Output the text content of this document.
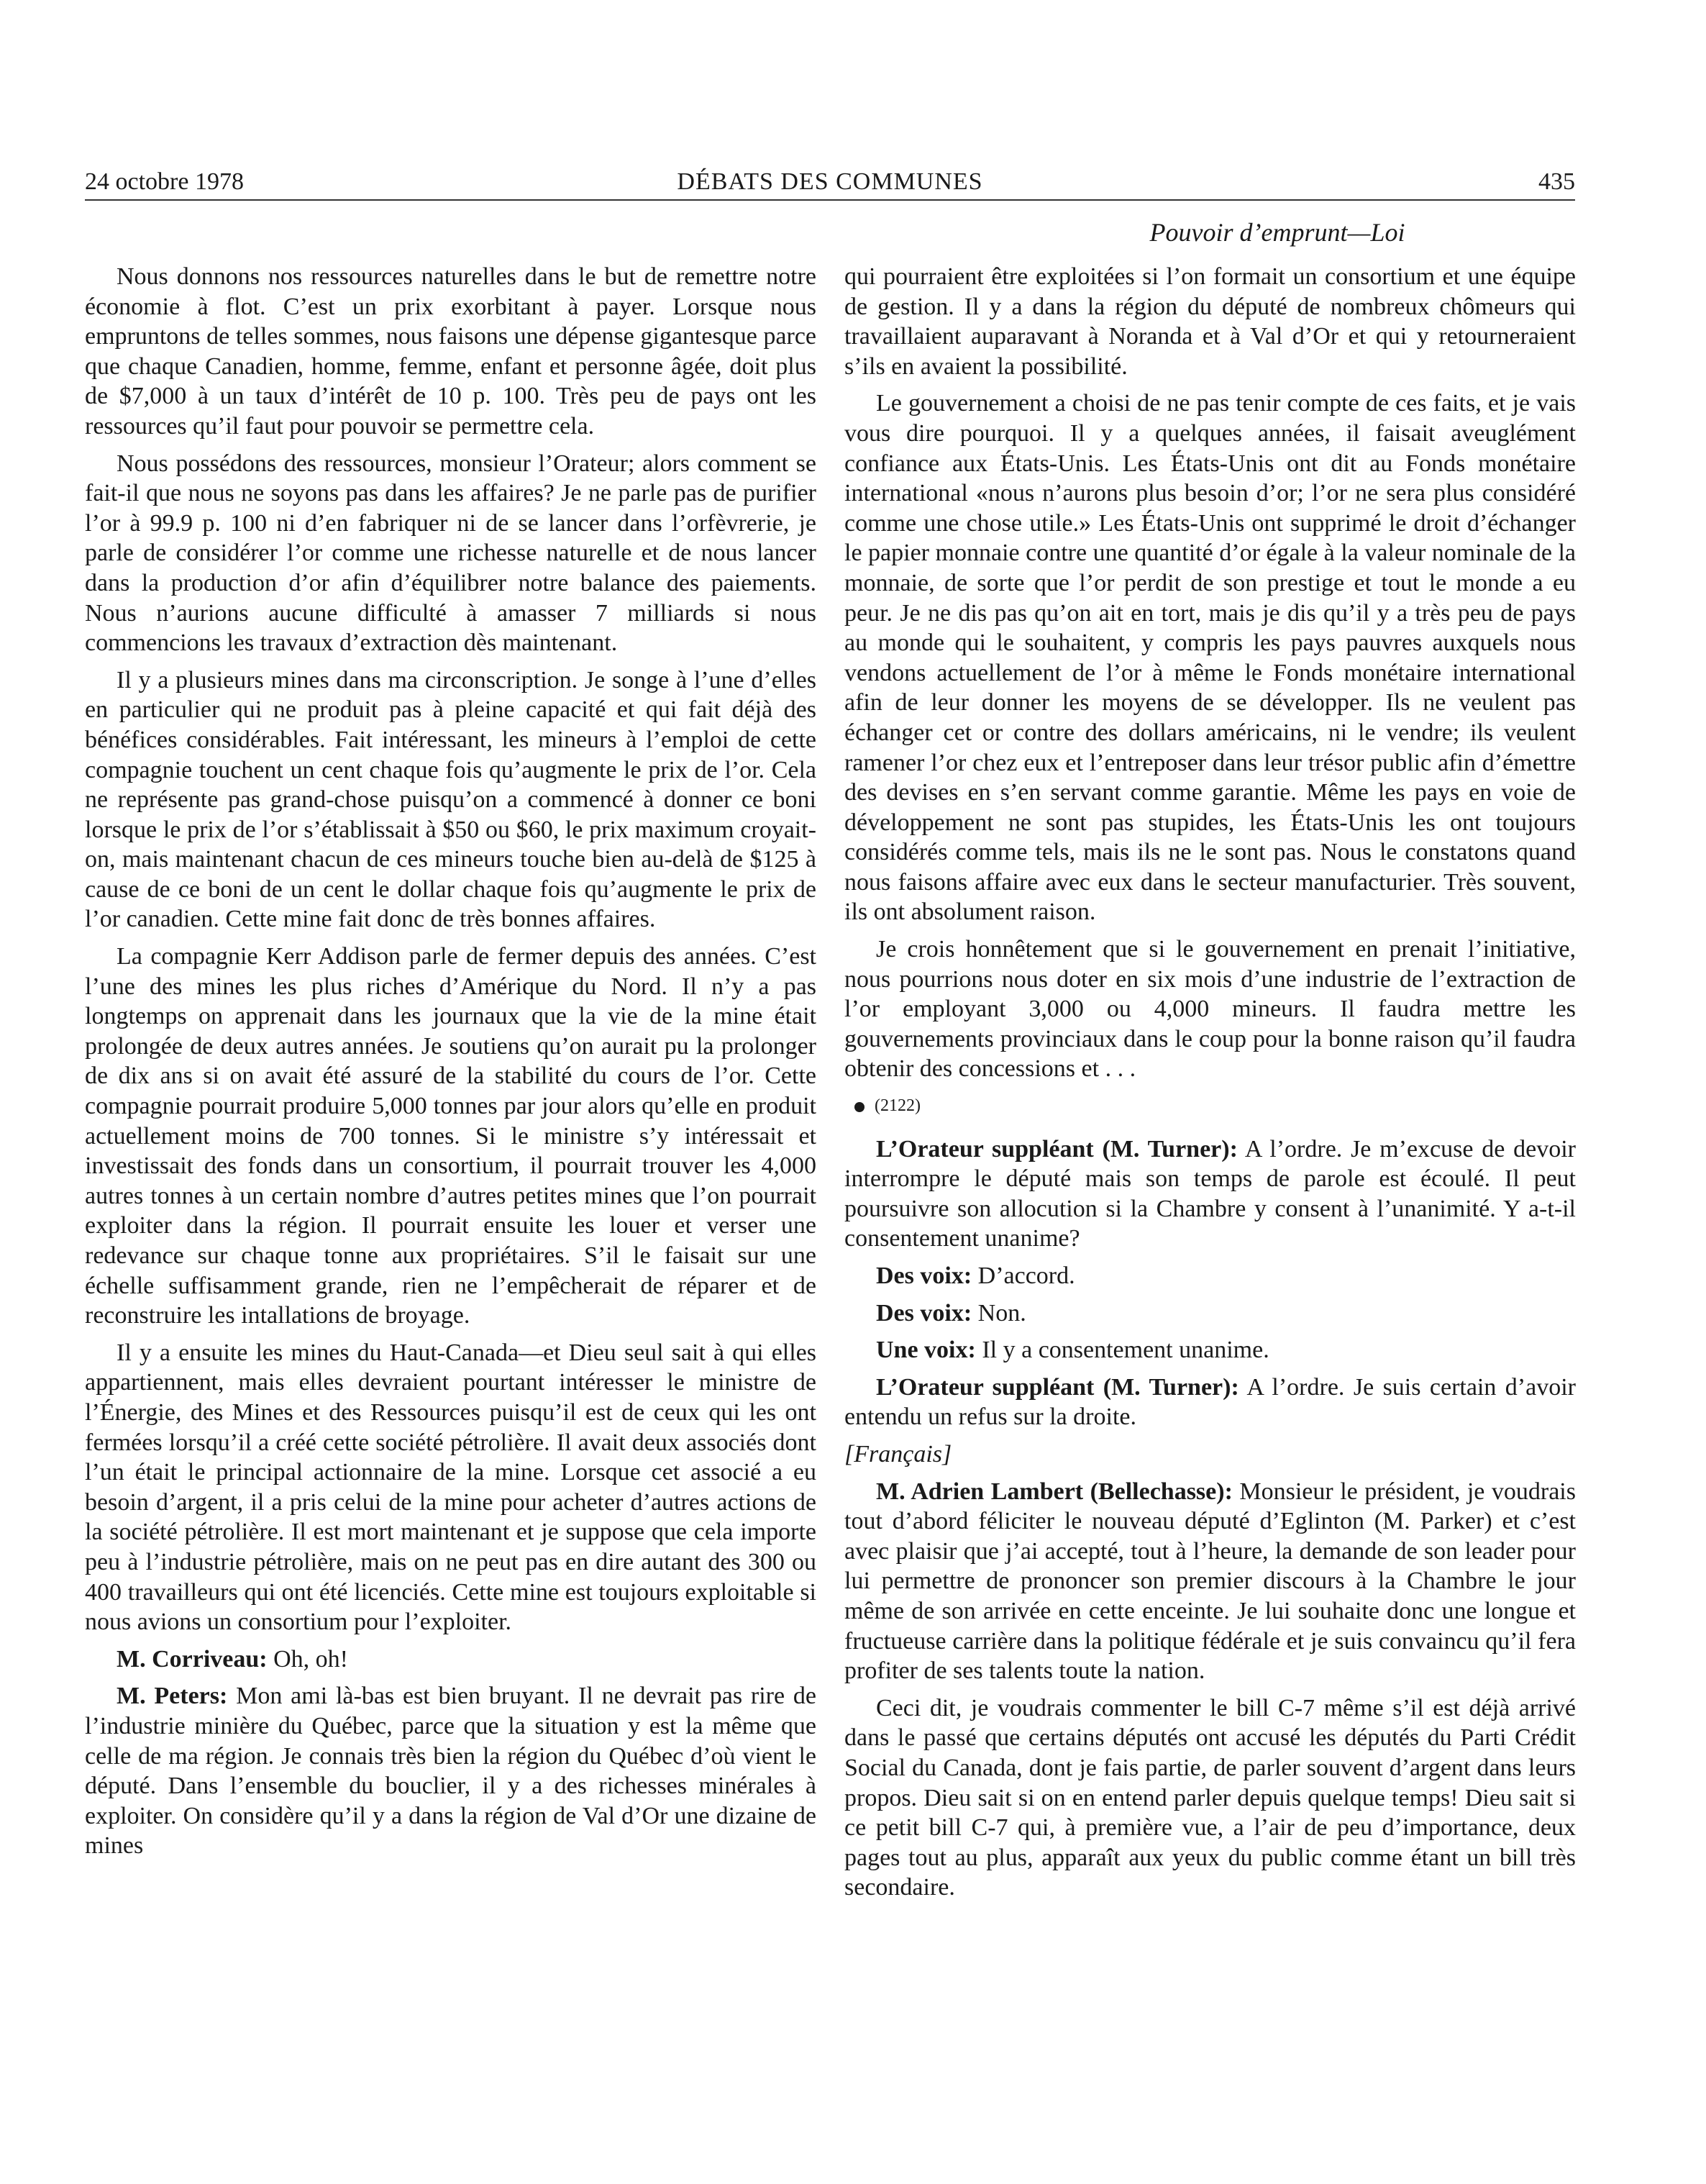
24 octobre 1978	DÉBATS DES COMMUNES	435
Pouvoir d’emprunt—Loi

Nous donnons nos ressources naturelles dans le but de remettre notre économie à flot. C’est un prix exorbitant à payer. Lorsque nous empruntons de telles sommes, nous faisons une dépense gigantesque parce que chaque Canadien, homme, femme, enfant et personne âgée, doit plus de $7,000 à un taux d’intérêt de 10 p. 100. Très peu de pays ont les ressources qu’il faut pour pouvoir se permettre cela.

Nous possédons des ressources, monsieur l’Orateur; alors comment se fait-il que nous ne soyons pas dans les affaires? Je ne parle pas de purifier l’or à 99.9 p. 100 ni d’en fabriquer ni de se lancer dans l’orfèvrerie, je parle de considérer l’or comme une richesse naturelle et de nous lancer dans la production d’or afin d’équilibrer notre balance des paiements. Nous n’aurions aucune difficulté à amasser 7 milliards si nous commencions les travaux d’extraction dès maintenant.

Il y a plusieurs mines dans ma circonscription. Je songe à l’une d’elles en particulier qui ne produit pas à pleine capacité et qui fait déjà des bénéfices considérables. Fait intéressant, les mineurs à l’emploi de cette compagnie touchent un cent chaque fois qu’augmente le prix de l’or. Cela ne représente pas grand-chose puisqu’on a commencé à donner ce boni lorsque le prix de l’or s’établissait à $50 ou $60, le prix maximum croyait-on, mais maintenant chacun de ces mineurs touche bien au-delà de $125 à cause de ce boni de un cent le dollar chaque fois qu’augmente le prix de l’or canadien. Cette mine fait donc de très bonnes affaires.

La compagnie Kerr Addison parle de fermer depuis des années. C’est l’une des mines les plus riches d’Amérique du Nord. Il n’y a pas longtemps on apprenait dans les journaux que la vie de la mine était prolongée de deux autres années. Je soutiens qu’on aurait pu la prolonger de dix ans si on avait été assuré de la stabilité du cours de l’or. Cette compagnie pourrait produire 5,000 tonnes par jour alors qu’elle en produit actuellement moins de 700 tonnes. Si le ministre s’y intéressait et investissait des fonds dans un consortium, il pourrait trouver les 4,000 autres tonnes à un certain nombre d’autres petites mines que l’on pourrait exploiter dans la région. Il pourrait ensuite les louer et verser une redevance sur chaque tonne aux propriétaires. S’il le faisait sur une échelle suffisamment grande, rien ne l’empêcherait de réparer et de reconstruire les intallations de broyage.

Il y a ensuite les mines du Haut-Canada—et Dieu seul sait à qui elles appartiennent, mais elles devraient pourtant intéresser le ministre de l’Énergie, des Mines et des Ressources puisqu’il est de ceux qui les ont fermées lorsqu’il a créé cette société pétrolière. Il avait deux associés dont l’un était le principal actionnaire de la mine. Lorsque cet associé a eu besoin d’argent, il a pris celui de la mine pour acheter d’autres actions de la société pétrolière. Il est mort maintenant et je suppose que cela importe peu à l’industrie pétrolière, mais on ne peut pas en dire autant des 300 ou 400 travailleurs qui ont été licenciés. Cette mine est toujours exploitable si nous avions un consortium pour l’exploiter.

M. Corriveau: Oh, oh!

M. Peters: Mon ami là-bas est bien bruyant. Il ne devrait pas rire de l’industrie minière du Québec, parce que la situation y est la même que celle de ma région. Je connais très bien la région du Québec d’où vient le député. Dans l’ensemble du bouclier, il y a des richesses minérales à exploiter. On considère qu’il y a dans la région de Val d’Or une dizaine de mines

qui pourraient être exploitées si l’on formait un consortium et une équipe de gestion. Il y a dans la région du député de nombreux chômeurs qui travaillaient auparavant à Noranda et à Val d’Or et qui y retourneraient s’ils en avaient la possibilité.

Le gouvernement a choisi de ne pas tenir compte de ces faits, et je vais vous dire pourquoi. Il y a quelques années, il faisait aveuglément confiance aux États-Unis. Les États-Unis ont dit au Fonds monétaire international «nous n’aurons plus besoin d’or; l’or ne sera plus considéré comme une chose utile.» Les États-Unis ont supprimé le droit d’échanger le papier monnaie contre une quantité d’or égale à la valeur nominale de la monnaie, de sorte que l’or perdit de son prestige et tout le monde a eu peur. Je ne dis pas qu’on ait en tort, mais je dis qu’il y a très peu de pays au monde qui le souhaitent, y compris les pays pauvres auxquels nous vendons actuellement de l’or à même le Fonds monétaire international afin de leur donner les moyens de se développer. Ils ne veulent pas échanger cet or contre des dollars américains, ni le vendre; ils veulent ramener l’or chez eux et l’entreposer dans leur trésor public afin d’émettre des devises en s’en servant comme garantie. Même les pays en voie de développement ne sont pas stupides, les États-Unis les ont toujours considérés comme tels, mais ils ne le sont pas. Nous le constatons quand nous faisons affaire avec eux dans le secteur manufacturier. Très souvent, ils ont absolument raison.

Je crois honnêtement que si le gouvernement en prenait l’initiative, nous pourrions nous doter en six mois d’une industrie de l’extraction de l’or employant 3,000 ou 4,000 mineurs. Il faudra mettre les gouvernements provinciaux dans le coup pour la bonne raison qu’il faudra obtenir des concessions et . . .

(2122)

L’Orateur suppléant (M. Turner): A l’ordre. Je m’excuse de devoir interrompre le député mais son temps de parole est écoulé. Il peut poursuivre son allocution si la Chambre y consent à l’unanimité. Y a-t-il consentement unanime?

Des voix: D’accord.

Des voix: Non.

Une voix: Il y a consentement unanime.

L’Orateur suppléant (M. Turner): A l’ordre. Je suis certain d’avoir entendu un refus sur la droite.

[Français]

M. Adrien Lambert (Bellechasse): Monsieur le président, je voudrais tout d’abord féliciter le nouveau député d’Eglinton (M. Parker) et c’est avec plaisir que j’ai accepté, tout à l’heure, la demande de son leader pour lui permettre de prononcer son premier discours à la Chambre le jour même de son arrivée en cette enceinte. Je lui souhaite donc une longue et fructueuse carrière dans la politique fédérale et je suis convaincu qu’il fera profiter de ses talents toute la nation.

Ceci dit, je voudrais commenter le bill C-7 même s’il est déjà arrivé dans le passé que certains députés ont accusé les députés du Parti Crédit Social du Canada, dont je fais partie, de parler souvent d’argent dans leurs propos. Dieu sait si on en entend parler depuis quelque temps! Dieu sait si ce petit bill C-7 qui, à première vue, a l’air de peu d’importance, deux pages tout au plus, apparaît aux yeux du public comme étant un bill très secondaire.
